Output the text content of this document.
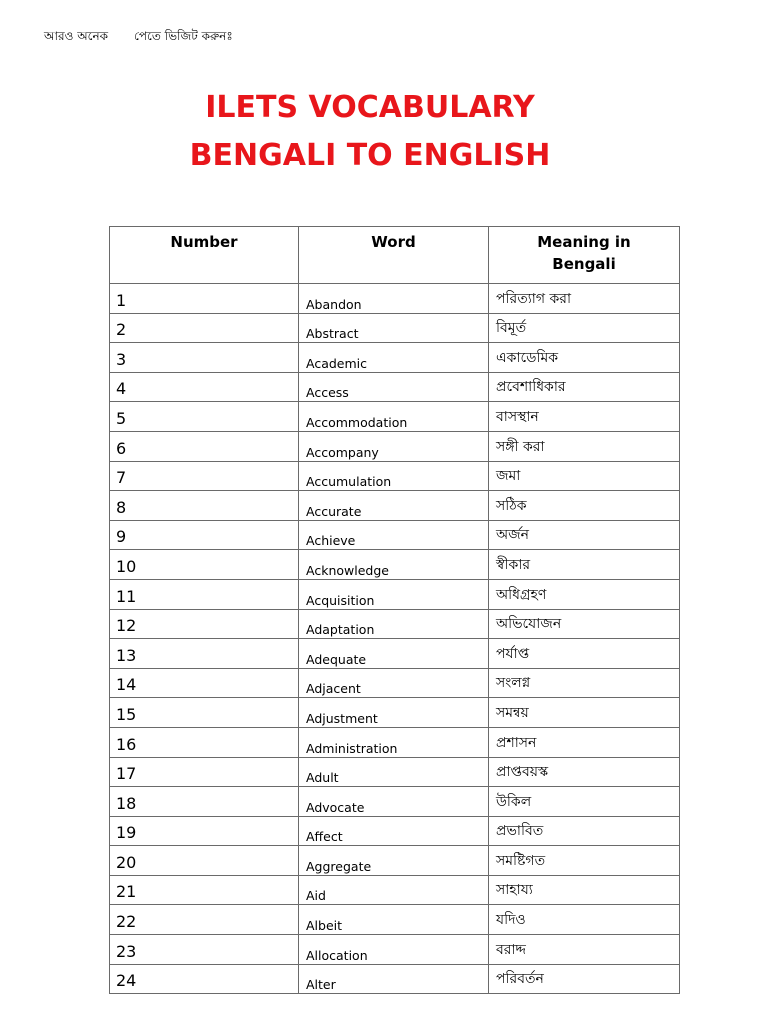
আরও অনেক পেতে ভিজিট করুনঃ
ILETS VOCABULARY
BENGALI TO ENGLISH
Number	Word	Meaning in
Bengali
1	Abandon	পরিত্যাগ করা
2	Abstract	বিমূর্ত
3	Academic	একাডেমিক
4	Access	প্রবেশাধিকার
5	Accommodation	বাসস্থান
6	Accompany	সঙ্গী করা
7	Accumulation	জমা
8	Accurate	সঠিক
9	Achieve	অর্জন
10	Acknowledge	স্বীকার
11	Acquisition	অধিগ্রহণ
12	Adaptation	অভিযোজন
13	Adequate	পর্যাপ্ত
14	Adjacent	সংলগ্ন
15	Adjustment	সমন্বয়
16	Administration	প্রশাসন
17	Adult	প্রাপ্তবয়স্ক
18	Advocate	উকিল
19	Affect	প্রভাবিত
20	Aggregate	সমষ্টিগত
21	Aid	সাহায্য
22	Albeit	যদিও
23	Allocation	বরাদ্দ
24	Alter	পরিবর্তন
